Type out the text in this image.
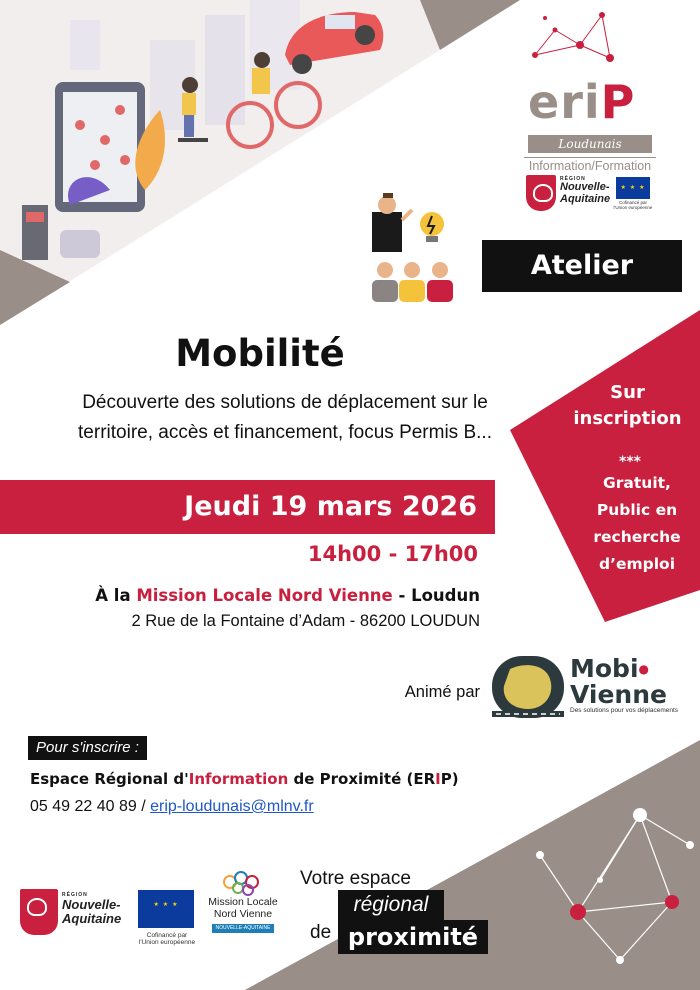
eriP
Loudunais
Information/Formation
RÉGION
Nouvelle-
Aquitaine
★ ★ ★	Cofinancé par
l'Union européenne
Atelier
Mobilité
Découverte des solutions de déplacement sur le territoire, accès et financement, focus Permis B...
Jeudi 19 mars 2026
14h00 - 17h00
À la Mission Locale Nord Vienne - Loudun
2 Rue de la Fontaine d’Adam - 86200 LOUDUN
Sur
inscription
***
Gratuit,
Public en
recherche
d’emploi
Animé par
Mobi●
Vienne
Des solutions pour vos déplacements
Pour s'inscrire :
Espace Régional d'Information de Proximité (ERIP)
05 49 22 40 89 / erip-loudunais@mlnv.fr
RÉGION
Nouvelle-
Aquitaine
★ ★ ★
Cofinancé par
l'Union européenne
Mission Locale
Nord Vienne
NOUVELLE-AQUITAINE
Votre espace
régional
de proximité
